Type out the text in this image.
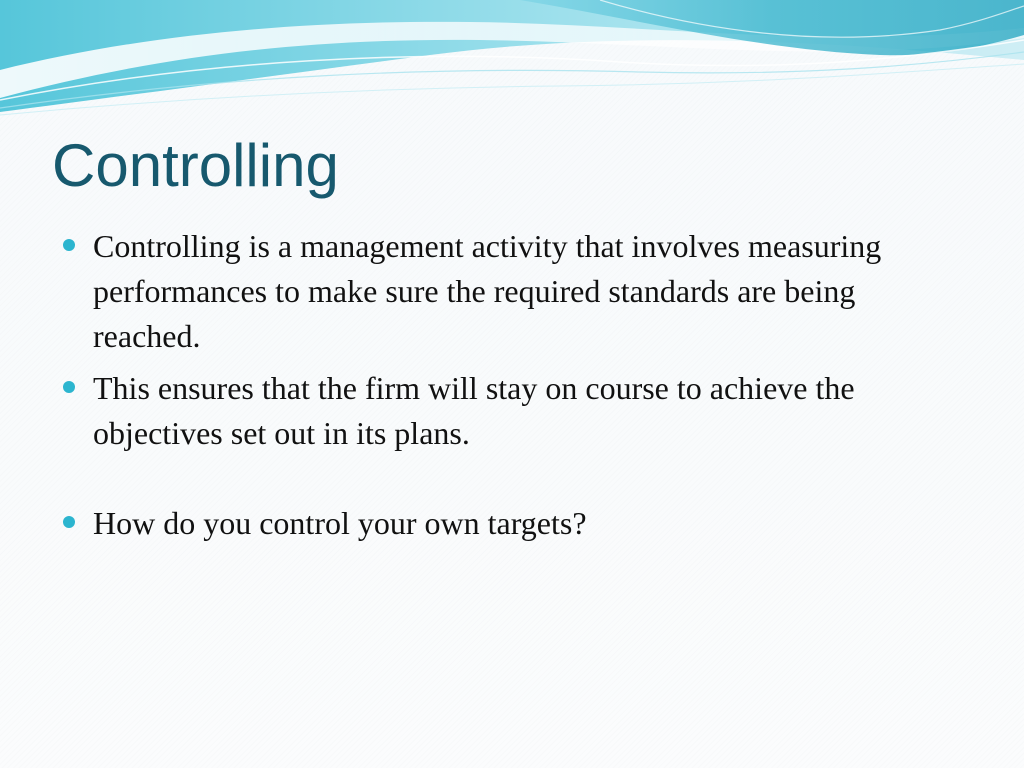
Controlling
Controlling is a management activity that involves measuring performances to make sure the required standards are being reached.
This ensures that the firm will stay on course to achieve the objectives set out in its plans.
How do you control your own targets?
